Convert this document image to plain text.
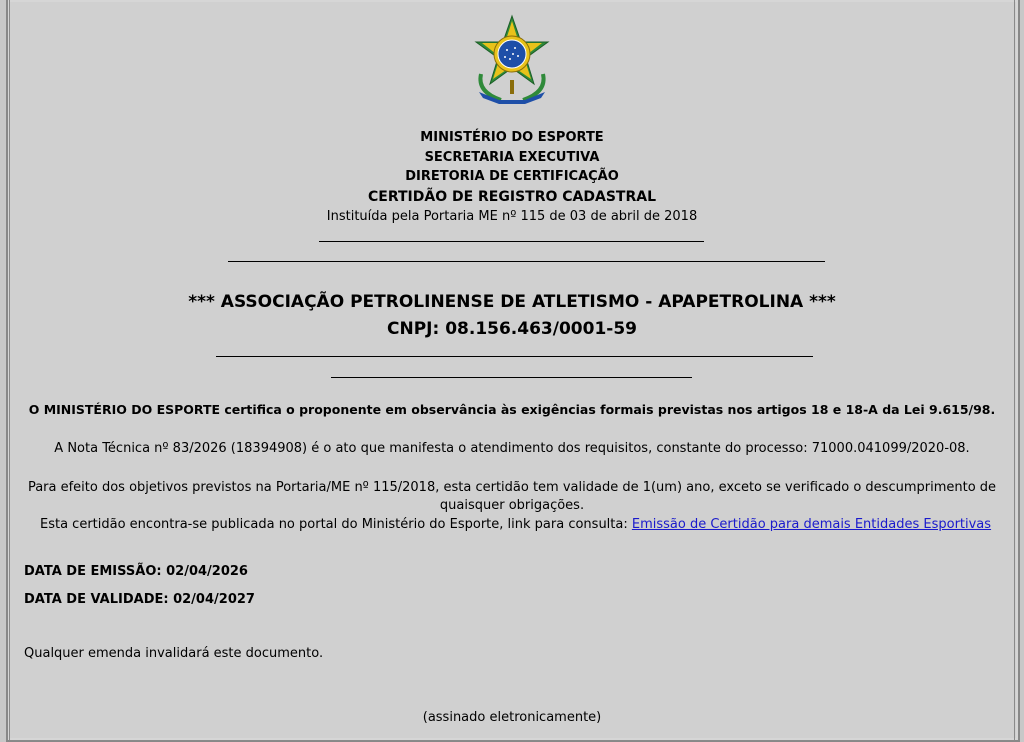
MINISTÉRIO DO ESPORTE
SECRETARIA EXECUTIVA
DIRETORIA DE CERTIFICAÇÃO
CERTIDÃO DE REGISTRO CADASTRAL
Instituída pela Portaria ME nº 115 de 03 de abril de 2018
*** ASSOCIAÇÃO PETROLINENSE DE ATLETISMO - APAPETROLINA ***
CNPJ: 08.156.463/0001-59
O MINISTÉRIO DO ESPORTE certifica o proponente em observância às exigências formais previstas nos artigos 18 e 18-A da Lei 9.615/98.
A Nota Técnica nº 83/2026 (18394908) é o ato que manifesta o atendimento dos requisitos, constante do processo: 71000.041099/2020-08.
Para efeito dos objetivos previstos na Portaria/ME nº 115/2018, esta certidão tem validade de 1(um) ano, exceto se verificado o descumprimento de
quaisquer obrigações.
Esta certidão encontra-se publicada no portal do Ministério do Esporte, link para consulta: Emissão de Certidão para demais Entidades Esportivas
DATA DE EMISSÃO: 02/04/2026
DATA DE VALIDADE: 02/04/2027
Qualquer emenda invalidará este documento.
(assinado eletronicamente)
